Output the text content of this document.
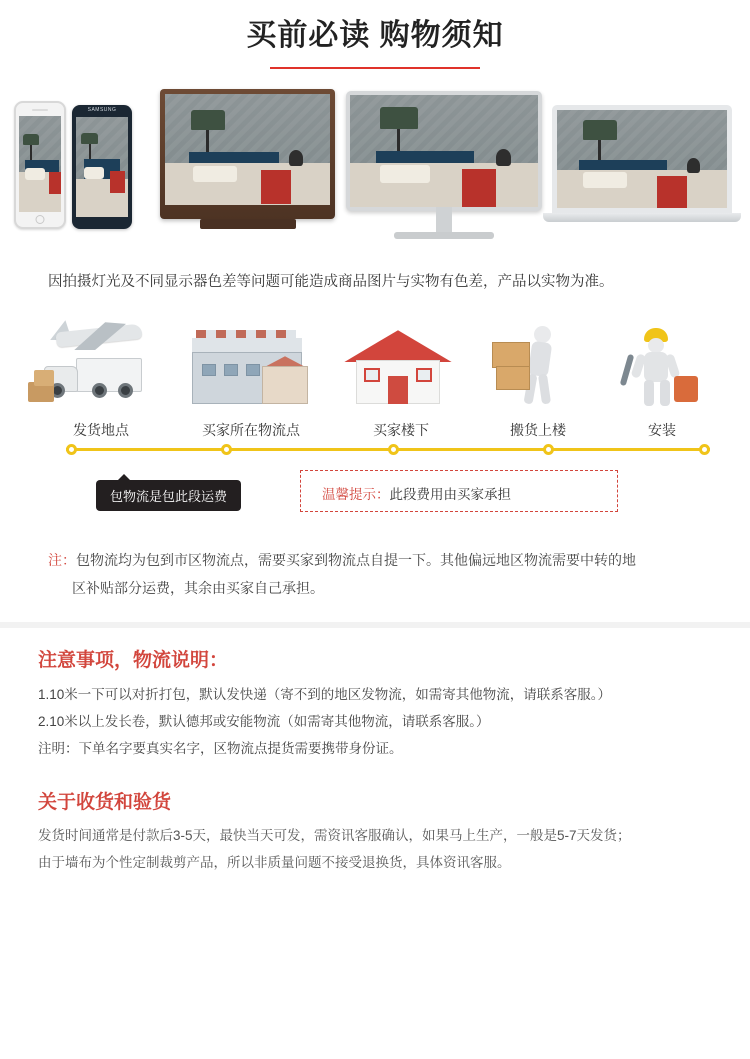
买前必读 购物须知
SAMSUNG
因拍摄灯光及不同显示器色差等问题可能造成商品图片与实物有色差，产品以实物为准。
发货地点	买家所在物流点	买家楼下	搬货上楼	安装
包物流是包此段运费	温馨提示：此段费用由买家承担
注：包物流均为包到市区物流点，需要买家到物流点自提一下。其他偏远地区物流需要中转的地
区补贴部分运费，其余由买家自己承担。
注意事项，物流说明：
1.10米一下可以对折打包，默认发快递（寄不到的地区发物流，如需寄其他物流，请联系客服。）
2.10米以上发长卷，默认德邦或安能物流（如需寄其他物流，请联系客服。）
注明：下单名字要真实名字，区物流点提货需要携带身份证。
关于收货和验货
发货时间通常是付款后3-5天，最快当天可发，需资讯客服确认，如果马上生产，一般是5-7天发货；
由于墙布为个性定制裁剪产品，所以非质量问题不接受退换货，具体资讯客服。
